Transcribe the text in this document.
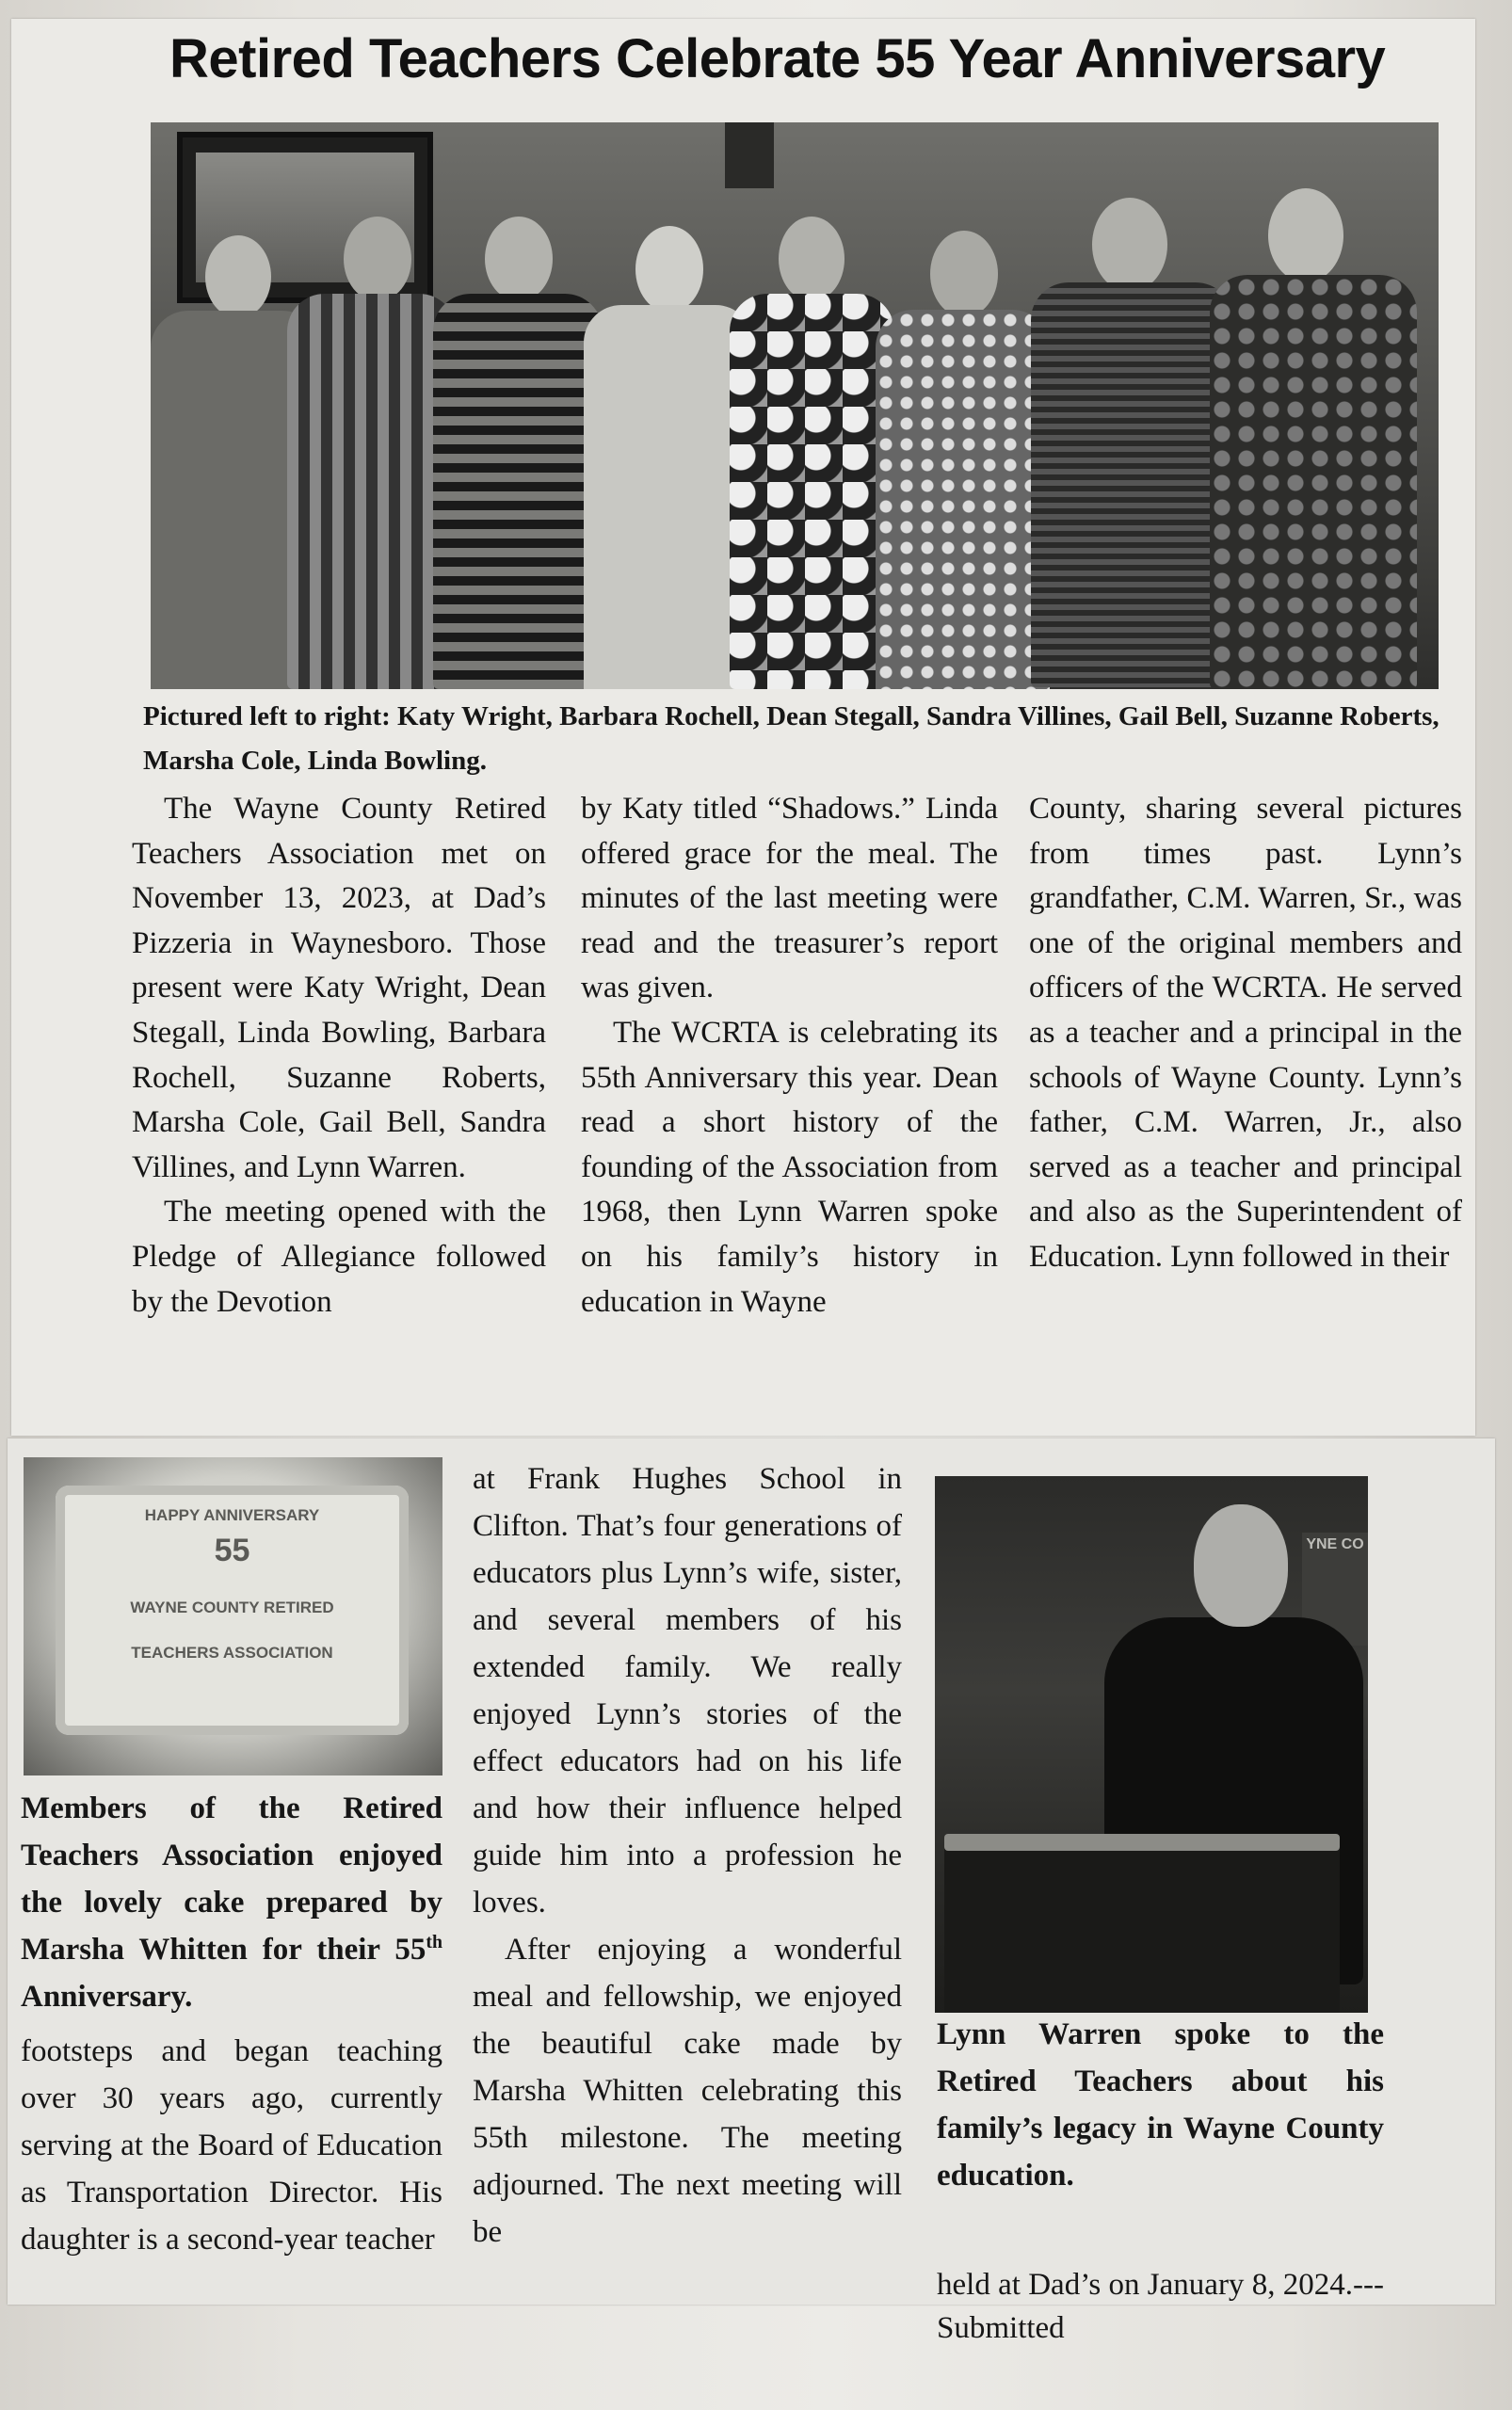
Retired Teachers Celebrate 55 Year Anniversary

Pictured left to right: Katy Wright, Barbara Rochell, Dean Stegall, Sandra Villines, Gail Bell, Suzanne Roberts, Marsha Cole, Linda Bowling.

The Wayne County Retired Teachers Association met on November 13, 2023, at Dad’s Pizzeria in Waynesboro. Those present were Katy Wright, Dean Stegall, Linda Bowling, Barbara Rochell, Suzanne Roberts, Marsha Cole, Gail Bell, Sandra Villines, and Lynn Warren.

The meeting opened with the Pledge of Allegiance followed by the Devotion

by Katy titled “Shadows.” Linda offered grace for the meal. The minutes of the last meeting were read and the treasurer’s report was given.

The WCRTA is celebrating its 55th Anniversary this year. Dean read a short history of the founding of the Association from 1968, then Lynn Warren spoke on his family’s history in education in Wayne

County, sharing several pictures from times past. Lynn’s grandfather, C.M. Warren, Sr., was one of the original members and officers of the WCRTA. He served as a teacher and a principal in the schools of Wayne County. Lynn’s father, C.M. Warren, Jr., also served as a teacher and principal and also as the Superintendent of Education. Lynn followed in their

HAPPY ANNIVERSARY
55
WAYNE COUNTY RETIRED
TEACHERS ASSOCIATION

Members of the Retired Teachers Association enjoyed the lovely cake prepared by Marsha Whitten for their 55th Anniversary.

footsteps and began teaching over 30 years ago, currently serving at the Board of Education as Transportation Director. His daughter is a second-year teacher

at Frank Hughes School in Clifton. That’s four generations of educators plus Lynn’s wife, sister, and several members of his extended family. We really enjoyed Lynn’s stories of the effect educators had on his life and how their influence helped guide him into a profession he loves.

After enjoying a wonderful meal and fellowship, we enjoyed the beautiful cake made by Marsha Whitten celebrating this 55th milestone. The meeting adjourned. The next meeting will be

YNE CO

Lynn Warren spoke to the Retired Teachers about his family’s legacy in Wayne County education.

held at Dad’s on January 8, 2024.---Submitted
